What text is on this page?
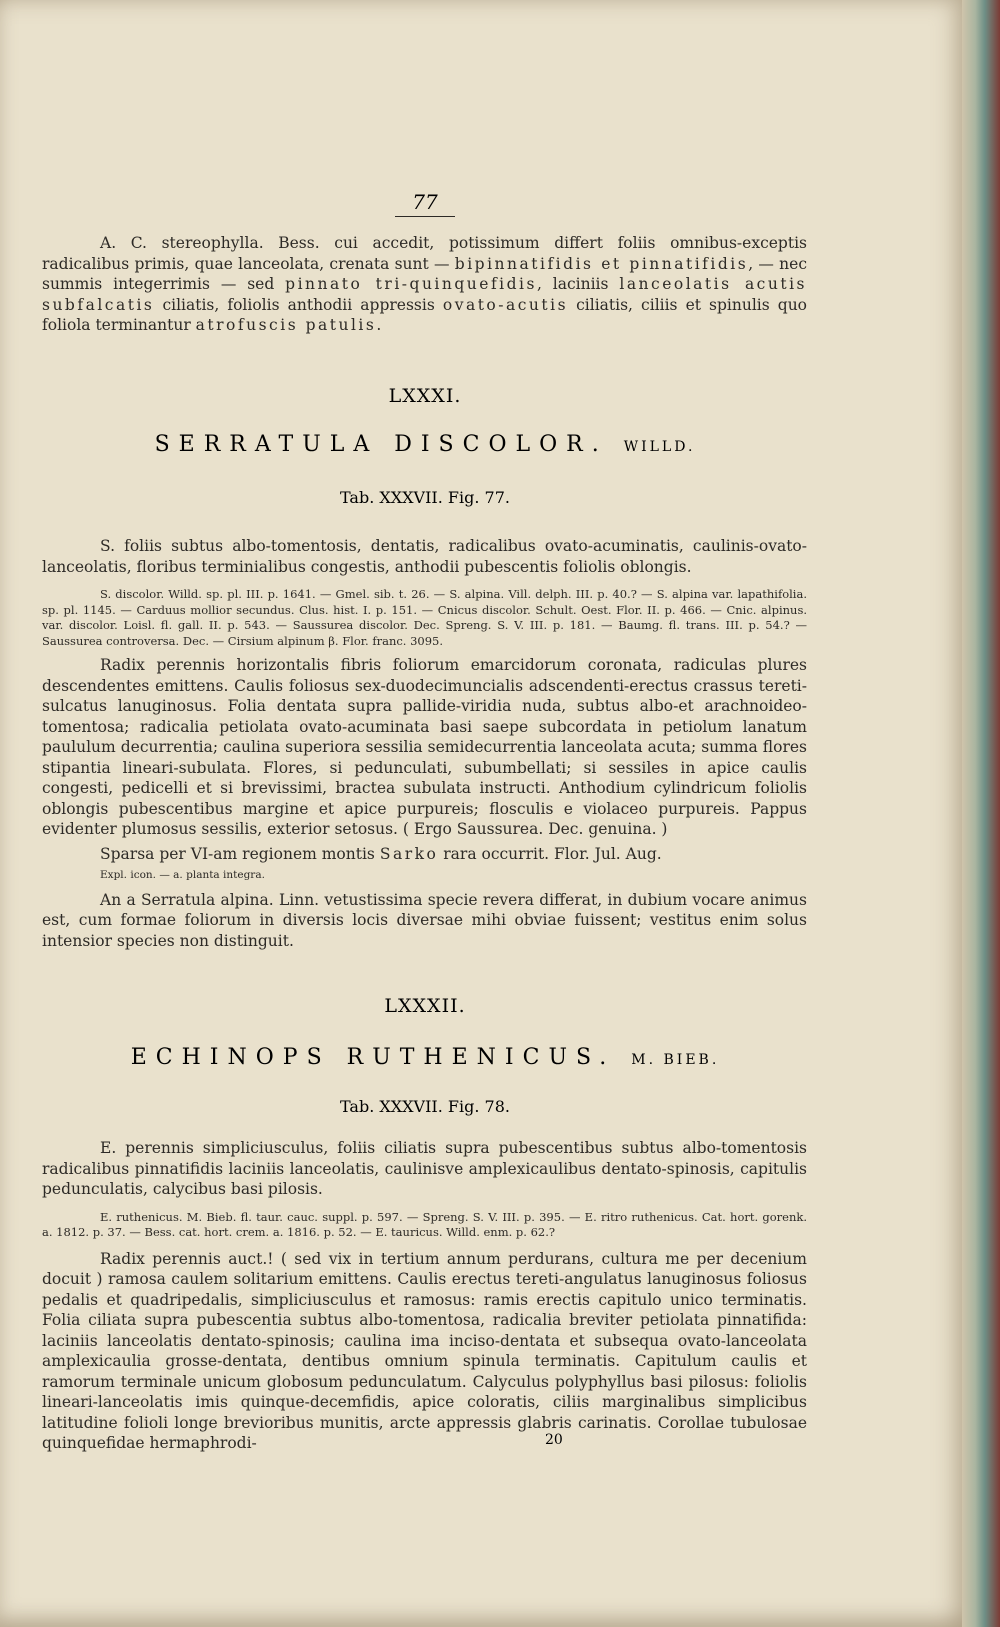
77

A. C. stereophylla. Bess. cui accedit, potissimum differt foliis omnibus-exceptis radicalibus primis, quae lanceolata, crenata sunt — bipinnatifidis et pinnatifidis, — nec summis integerrimis — sed pinnato tri-quinquefidis, laciniis lanceolatis acutis subfalcatis ciliatis, foliolis anthodii appressis ovato-acutis ciliatis, ciliis et spinulis quo foliola terminantur atrofuscis patulis.

LXXXI.
SERRATULA DISCOLOR. WILLD.
Tab. XXXVII. Fig. 77.

S. foliis subtus albo-tomentosis, dentatis, radicalibus ovato-acuminatis, caulinis-ovato-lanceolatis, floribus terminialibus congestis, anthodii pubescentis foliolis oblongis.

S. discolor. Willd. sp. pl. III. p. 1641. — Gmel. sib. t. 26. — S. alpina. Vill. delph. III. p. 40.? — S. alpina var. lapathifolia. sp. pl. 1145. — Carduus mollior secundus. Clus. hist. I. p. 151. — Cnicus discolor. Schult. Oest. Flor. II. p. 466. — Cnic. alpinus. var. discolor. Loisl. fl. gall. II. p. 543. — Saussurea discolor. Dec. Spreng. S. V. III. p. 181. — Baumg. fl. trans. III. p. 54.? — Saussurea controversa. Dec. — Cirsium alpinum β. Flor. franc. 3095.

Radix perennis horizontalis fibris foliorum emarcidorum coronata, radiculas plures descendentes emittens. Caulis foliosus sex-duodecimuncialis adscendenti-erectus crassus tereti-sulcatus lanuginosus. Folia dentata supra pallide-viridia nuda, subtus albo-et arachnoideo-tomentosa; radicalia petiolata ovato-acuminata basi saepe subcordata in petiolum lanatum paululum decurrentia; caulina superiora sessilia semidecurrentia lanceolata acuta; summa flores stipantia lineari-subulata. Flores, si pedunculati, subumbellati; si sessiles in apice caulis congesti, pedicelli et si brevissimi, bractea subulata instructi. Anthodium cylindricum foliolis oblongis pubescentibus margine et apice purpureis; flosculis e violaceo purpureis. Pappus evidenter plumosus sessilis, exterior setosus. ( Ergo Saussurea. Dec. genuina. )

Sparsa per VI-am regionem montis Sarko rara occurrit. Flor. Jul. Aug.

Expl. icon. — a. planta integra.

An a Serratula alpina. Linn. vetustissima specie revera differat, in dubium vocare animus est, cum formae foliorum in diversis locis diversae mihi obviae fuissent; vestitus enim solus intensior species non distinguit.

LXXXII.
ECHINOPS RUTHENICUS. M. BIEB.
Tab. XXXVII. Fig. 78.

E. perennis simpliciusculus, foliis ciliatis supra pubescentibus subtus albo-tomentosis radicalibus pinnatifidis laciniis lanceolatis, caulinisve amplexicaulibus dentato-spinosis, capitulis pedunculatis, calycibus basi pilosis.

E. ruthenicus. M. Bieb. fl. taur. cauc. suppl. p. 597. — Spreng. S. V. III. p. 395. — E. ritro ruthenicus. Cat. hort. gorenk. a. 1812. p. 37. — Bess. cat. hort. crem. a. 1816. p. 52. — E. tauricus. Willd. enm. p. 62.?

Radix perennis auct.! ( sed vix in tertium annum perdurans, cultura me per decenium docuit ) ramosa caulem solitarium emittens. Caulis erectus tereti-angulatus lanuginosus foliosus pedalis et quadripedalis, simpliciusculus et ramosus: ramis erectis capitulo unico terminatis. Folia ciliata supra pubescentia subtus albo-tomentosa, radicalia breviter petiolata pinnatifida: laciniis lanceolatis dentato-spinosis; caulina ima inciso-dentata et subsequa ovato-lanceolata amplexicaulia grosse-dentata, dentibus omnium spinula terminatis. Capitulum caulis et ramorum terminale unicum globosum pedunculatum. Calyculus polyphyllus basi pilosus: foliolis lineari-lanceolatis imis quinque-decemfidis, apice coloratis, ciliis marginalibus simplicibus latitudine folioli longe brevioribus munitis, arcte appressis glabris carinatis. Corollae tubulosae quinquefidae hermaphrodi-	20
